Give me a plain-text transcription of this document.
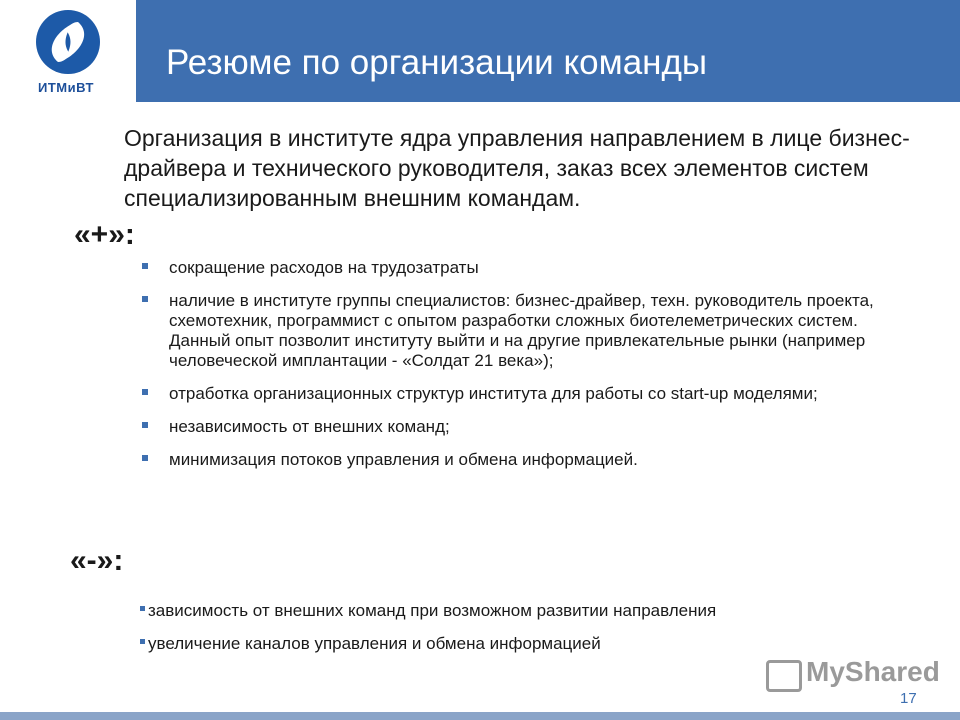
ИТМиВТ
Резюме по организации команды
Организация в институте ядра управления направлением в лице бизнес-драйвера и технического руководителя, заказ всех элементов систем специализированным внешним командам.
«+»:
сокращение расходов на трудозатраты
наличие в институте группы специалистов: бизнес-драйвер, техн. руководитель проекта, схемотехник, программист с опытом разработки сложных биотелеметрических систем. Данный опыт позволит институту выйти и на другие привлекательные рынки (например человеческой имплантации - «Солдат 21 века»);
отработка организационных структур института для работы со start-up моделями;
независимость от внешних команд;
минимизация потоков управления и обмена информацией.
«-»:
зависимость от внешних команд при возможном развитии направления
увеличение каналов управления и обмена информацией
MyShared
17
